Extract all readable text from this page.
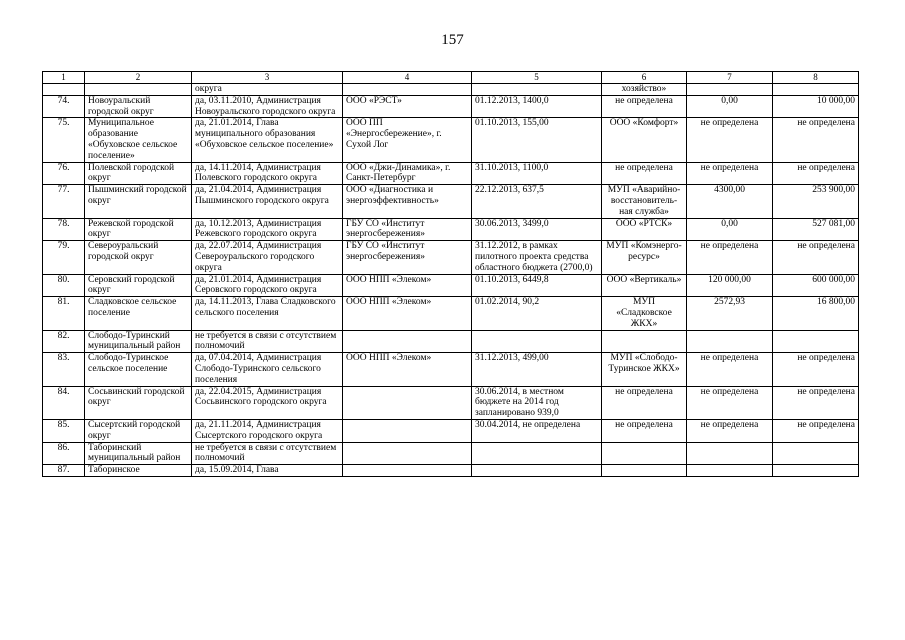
157
1	2	3	4	5	6	7	8
		округа			хозяйство»		
74.	Новоуральский городской округ	да, 03.11.2010, Администрация Новоуральского городского округа	ООО «РЭСТ»	01.12.2013, 1400,0	не определена	0,00	10 000,00
75.	Муниципальное образование «Обуховское сельское поселение»	да, 21.01.2014, Глава муниципального образования «Обуховское сельское поселение»	ООО ПП «Энергосбережение», г. Сухой Лог	01.10.2013, 155,00	ООО «Комфорт»	не определена	не определена
76.	Полевской городской округ	да, 14.11.2014, Администрация Полевского городского округа	ООО «Джи-Динамика», г. Санкт-Петербург	31.10.2013, 1100,0	не определена	не определена	не определена
77.	Пышминский городской округ	да, 21.04.2014, Администрация Пышминского городского округа	ООО «Диагностика и энергоэффективность»	22.12.2013, 637,5	МУП «Аварийно-восстановитель-ная служба»	4300,00	253 900,00
78.	Режевской городской округ	да, 10.12.2013, Администрация Режевского городского округа	ГБУ СО «Институт энергосбережения»	30.06.2013, 3499,0	ООО «РТСК»	0,00	527 081,00
79.	Североуральский городской округ	да, 22.07.2014, Администрация Североуральского городского округа	ГБУ СО «Институт энергосбережения»	31.12.2012, в рамках пилотного проекта средства областного бюджета (2700,0)	МУП «Комэнерго-ресурс»	не определена	не определена
80.	Серовский городской округ	да, 21.01.2014, Администрация Серовского городского округа	ООО НПП «Элеком»	01.10.2013, 6449,8	ООО «Вертикаль»	120 000,00	600 000,00
81.	Сладковское сельское поселение	да, 14.11.2013, Глава Сладковского сельского поселения	ООО НПП «Элеком»	01.02.2014, 90,2	МУП «Сладковское ЖКХ»	2572,93	16 800,00
82.	Слободо-Туринский муниципальный район	не требуется в связи с отсутствием полномочий					
83.	Слободо-Туринское сельское поселение	да, 07.04.2014, Администрация Слободо-Туринского сельского поселения	ООО НПП «Элеком»	31.12.2013, 499,00	МУП «Слободо-Туринское ЖКХ»	не определена	не определена
84.	Сосьвинский городской округ	да, 22.04.2015, Администрация Сосьвинского городского округа		30.06.2014, в местном бюджете на 2014 год запланировано 939,0	не определена	не определена	не определена
85.	Сысертский городской округ	да, 21.11.2014, Администрация Сысертского городского округа		30.04.2014, не определена	не определена	не определена	не определена
86.	Таборинский муниципальный район	не требуется в связи с отсутствием полномочий					
87.	Таборинское	да, 15.09.2014, Глава					
